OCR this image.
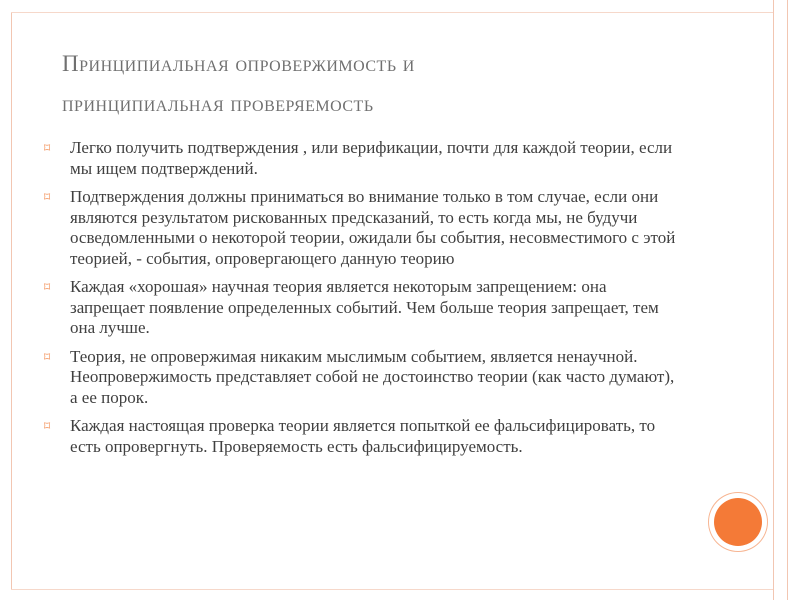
Принципиальная опровержимость и
принципиальная проверяемость
⌑ Легко получить подтверждения , или верификации, почти для каждой теории, если мы ищем подтверждений.
⌑ Подтверждения должны приниматься во внимание только в том случае, если они являются результатом рискованных предсказаний, то есть когда мы, не будучи осведомленными о некоторой теории, ожидали бы события, несовместимого с этой теорией, - события, опровергающего данную теорию
⌑ Каждая «хорошая» научная теория является некоторым запрещением: она запрещает появление определенных событий. Чем больше теория запрещает, тем она лучше.
⌑ Теория, не опровержимая никаким мыслимым событием, является ненаучной. Неопровержимость представляет собой не достоинство теории (как часто думают), а ее порок.
⌑ Каждая настоящая проверка теории является попыткой ее фальсифицировать, то есть опровергнуть. Проверяемость есть фальсифицируемость.
